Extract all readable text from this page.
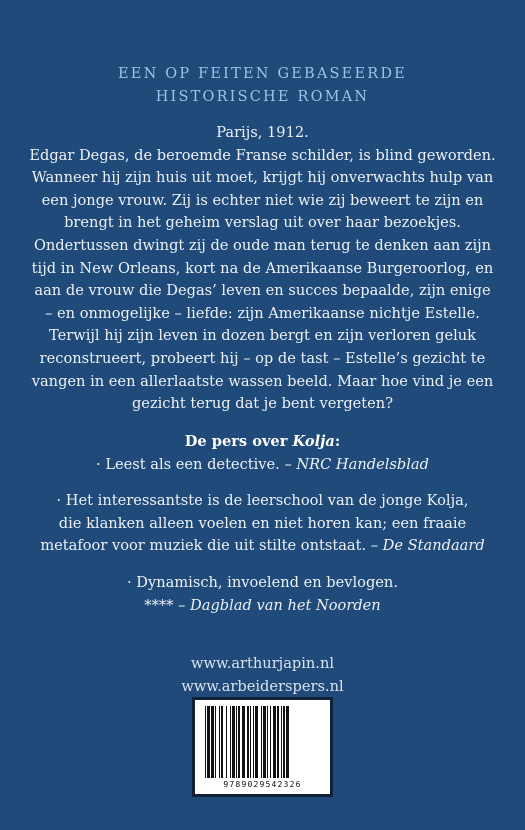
EEN OP FEITEN GEBASEERDE
HISTORISCHE ROMAN
Parijs, 1912.
Edgar Degas, de beroemde Franse schilder, is blind geworden.
Wanneer hij zijn huis uit moet, krijgt hij onverwachts hulp van
een jonge vrouw. Zij is echter niet wie zij beweert te zijn en
brengt in het geheim verslag uit over haar bezoekjes.
Ondertussen dwingt zij de oude man terug te denken aan zijn
tijd in New Orleans, kort na de Amerikaanse Burgeroorlog, en
aan de vrouw die Degas’ leven en succes bepaalde, zijn enige
– en onmogelijke – liefde: zijn Amerikaanse nichtje Estelle.
Terwijl hij zijn leven in dozen bergt en zijn verloren geluk
reconstrueert, probeert hij – op de tast – Estelle’s gezicht te
vangen in een allerlaatste wassen beeld. Maar hoe vind je een
gezicht terug dat je bent vergeten?
De pers over Kolja:
· Leest als een detective. – NRC Handelsblad
· Het interessantste is de leerschool van de jonge Kolja,
die klanken alleen voelen en niet horen kan; een fraaie
metafoor voor muziek die uit stilte ontstaat. – De Standaard
· Dynamisch, invoelend en bevlogen.
**** – Dagblad van het Noorden
www.arthurjapin.nl
www.arbeiderspers.nl
9789029542326
